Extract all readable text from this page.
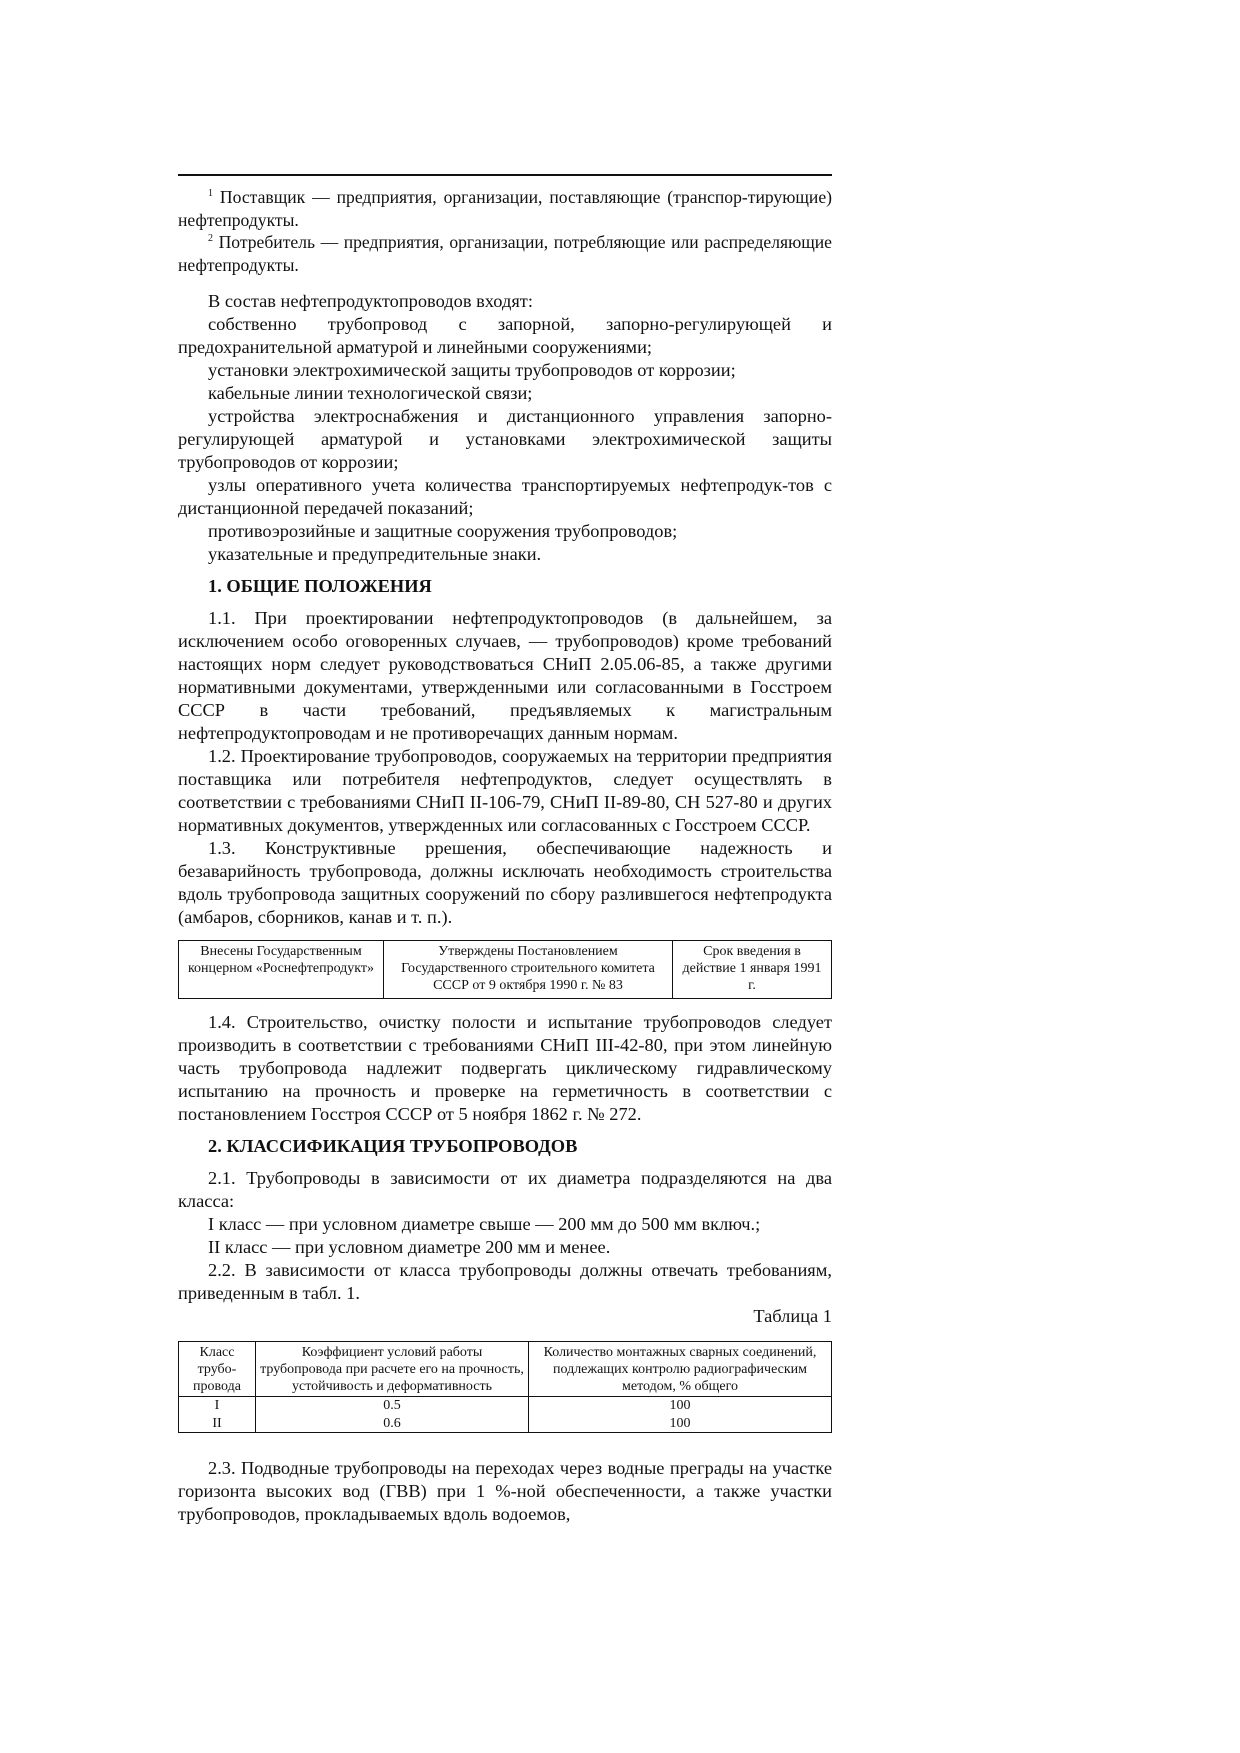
$^1$ Поставщик — предприятия, организации, поставляющие (транспор-тирующие) нефтепродукты.

$^2$ Потребитель — предприятия, организации, потребляющие или распределяющие нефтепродукты.

В состав нефтепродуктопроводов входят:

собственно трубопровод с запорной, запорно-регулирующей и предохранительной арматурой и линейными сооружениями;

установки электрохимической защиты трубопроводов от коррозии;

кабельные линии технологической связи;

устройства электроснабжения и дистанционного управления запорно-регулирующей арматурой и установками электрохимической защиты трубопроводов от коррозии;

узлы оперативного учета количества транспортируемых нефтепродук-тов с дистанционной передачей показаний;

противоэрозийные и защитные сооружения трубопроводов;

указательные и предупредительные знаки.

1. ОБЩИЕ ПОЛОЖЕНИЯ

1.1. При проектировании нефтепродуктопроводов (в дальнейшем, за исключением особо оговоренных случаев, — трубопроводов) кроме требований настоящих норм следует руководствоваться СНиП 2.05.06-85, а также другими нормативными документами, утвержденными или согласованными в Госстроем СССР в части требований, предъявляемых к магистральным нефтепродуктопроводам и не противоречащих данным нормам.

1.2. Проектирование трубопроводов, сооружаемых на территории предприятия поставщика или потребителя нефтепродуктов, следует осуществлять в соответствии с требованиями СНиП II-106-79, СНиП II-89-80, СН 527-80 и других нормативных документов, утвержденных или согласованных с Госстроем СССР.

1.3. Конструктивные ррешения, обеспечивающие надежность и безаварийность трубопровода, должны исключать необходимость строительства вдоль трубопровода защитных сооружений по сбору разлившегося нефтепродукта (амбаров, сборников, канав и т. п.).

Внесены Государственным концерном «Роснефтепродукт»	Утверждены Постановлением Государственного строительного комитета СССР от 9 октября 1990 г. № 83	Срок введения в действие 1 января 1991 г.

1.4. Строительство, очистку полости и испытание трубопроводов следует производить в соответствии с требованиями СНиП III-42-80, при этом линейную часть трубопровода надлежит подвергать циклическому гидравлическому испытанию на прочность и проверке на герметичность в соответствии с постановлением Госстроя СССР от 5 ноября 1862 г. № 272.

2. КЛАССИФИКАЦИЯ ТРУБОПРОВОДОВ

2.1. Трубопроводы в зависимости от их диаметра подразделяются на два класса:

I класс — при условном диаметре свыше — 200 мм до 500 мм включ.;

II класс — при условном диаметре 200 мм и менее.

2.2. В зависимости от класса трубопроводы должны отвечать требованиям, приведенным в табл. 1.

Таблица 1

Класс трубо-провода	Коэффициент условий работы трубопровода при расчете его на прочность, устойчивость и деформативность	Количество монтажных сварных соединений, подлежащих контролю радиографическим методом, % общего
I	0.5	100
II	0.6	100

2.3. Подводные трубопроводы на переходах через водные преграды на участке горизонта высоких вод (ГВВ) при 1 %-ной обеспеченности, а также участки трубопроводов, прокладываемых вдоль водоемов,
